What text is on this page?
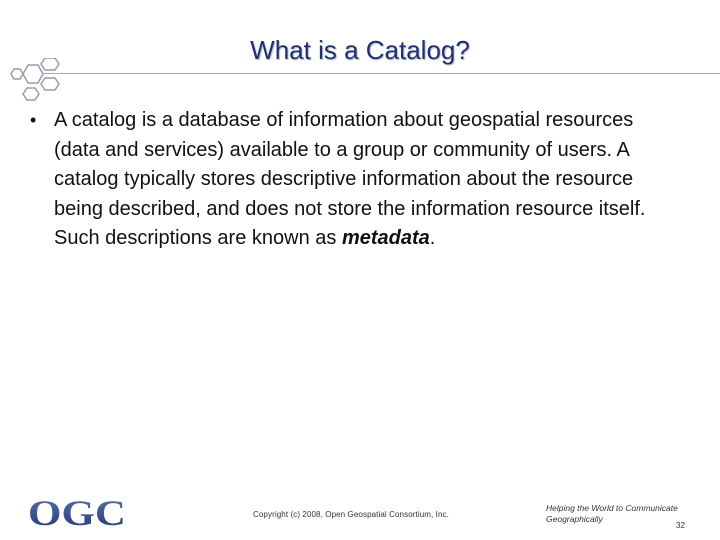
What is a Catalog?
• A catalog is a database of information about geospatial resources (data and services) available to a group or community of users. A catalog typically stores descriptive information about the resource being described, and does not store the information resource itself. Such descriptions are known as metadata.
OGC	Copyright (c) 2008, Open Geospatial Consortium, Inc.
Helping the World to Communicate
Geographically
32
